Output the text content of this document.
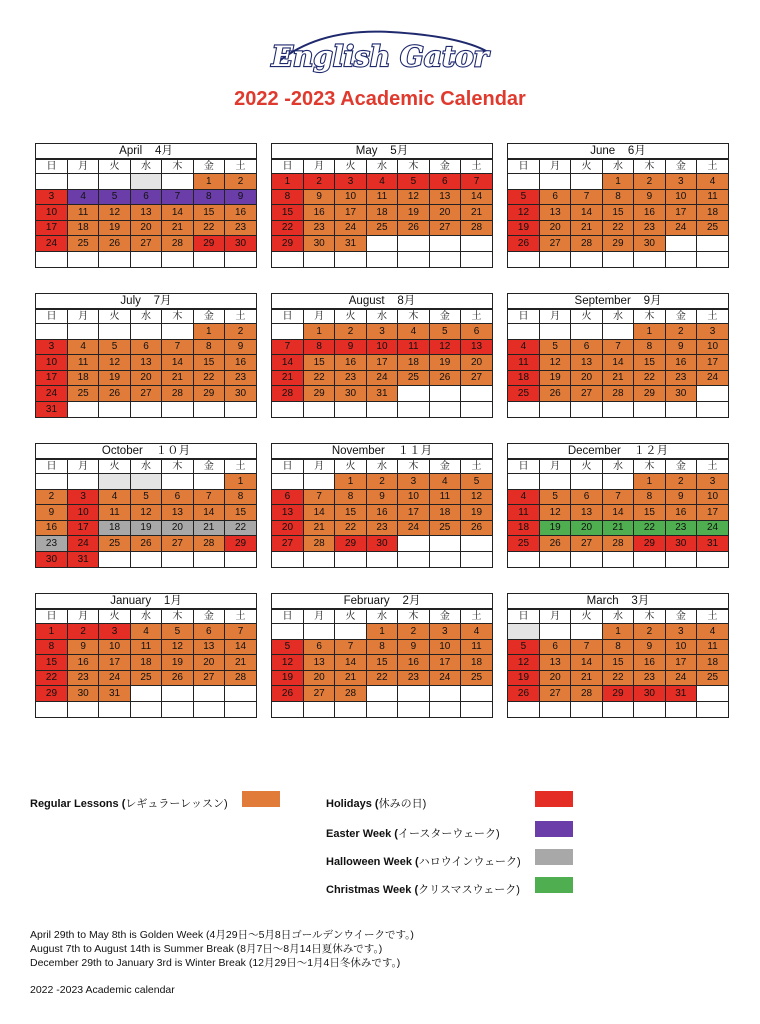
English Gator
2022 -2023 Academic Calendar
April    4月
日	月	火	水	木	金	土
					1	2
3	4	5	6	7	8	9
10	11	12	13	14	15	16
17	18	19	20	21	22	23
24	25	26	27	28	29	30

May    5月
日	月	火	水	木	金	土
1	2	3	4	5	6	7
8	9	10	11	12	13	14
15	16	17	18	19	20	21
22	23	24	25	26	27	28
29	30	31				

June    6月
日	月	火	水	木	金	土
			1	2	3	4
5	6	7	8	9	10	11
12	13	14	15	16	17	18
19	20	21	22	23	24	25
26	27	28	29	30		

July    7月
日	月	火	水	木	金	土
					1	2
3	4	5	6	7	8	9
10	11	12	13	14	15	16
17	18	19	20	21	22	23
24	25	26	27	28	29	30
31						
August    8月
日	月	火	水	木	金	土
	1	2	3	4	5	6
7	8	9	10	11	12	13
14	15	16	17	18	19	20
21	22	23	24	25	26	27
28	29	30	31			

September    9月
日	月	火	水	木	金	土
				1	2	3
4	5	6	7	8	9	10
11	12	13	14	15	16	17
18	19	20	21	22	23	24
25	26	27	28	29	30	

October    １０月
日	月	火	水	木	金	土
						1
2	3	4	5	6	7	8
9	10	11	12	13	14	15
16	17	18	19	20	21	22
23	24	25	26	27	28	29
30	31					
November    １１月
日	月	火	水	木	金	土
		1	2	3	4	5
6	7	8	9	10	11	12
13	14	15	16	17	18	19
20	21	22	23	24	25	26
27	28	29	30			

December    １２月
日	月	火	水	木	金	土
				1	2	3
4	5	6	7	8	9	10
11	12	13	14	15	16	17
18	19	20	21	22	23	24
25	26	27	28	29	30	31

January    1月
日	月	火	水	木	金	土
1	2	3	4	5	6	7
8	9	10	11	12	13	14
15	16	17	18	19	20	21
22	23	24	25	26	27	28
29	30	31				

February    2月
日	月	火	水	木	金	土
			1	2	3	4
5	6	7	8	9	10	11
12	13	14	15	16	17	18
19	20	21	22	23	24	25
26	27	28				

March    3月
日	月	火	水	木	金	土
			1	2	3	4
5	6	7	8	9	10	11
12	13	14	15	16	17	18
19	20	21	22	23	24	25
26	27	28	29	30	31	

Regular Lessons (レギュラーレッスン)	Holidays (休みの日)
Easter Week (イースターウェーク)
Halloween Week (ハロウインウェーク)
Christmas Week (クリスマスウェーク)
April 29th to May 8th is Golden Week (4月29日～5月8日ゴールデンウイークです。)
August 7th to August 14th is Summer Break (8月7日～8月14日夏休みです。)
December 29th to January 3rd is Winter Break (12月29日～1月4日冬休みです。)
2022 -2023 Academic calendar
